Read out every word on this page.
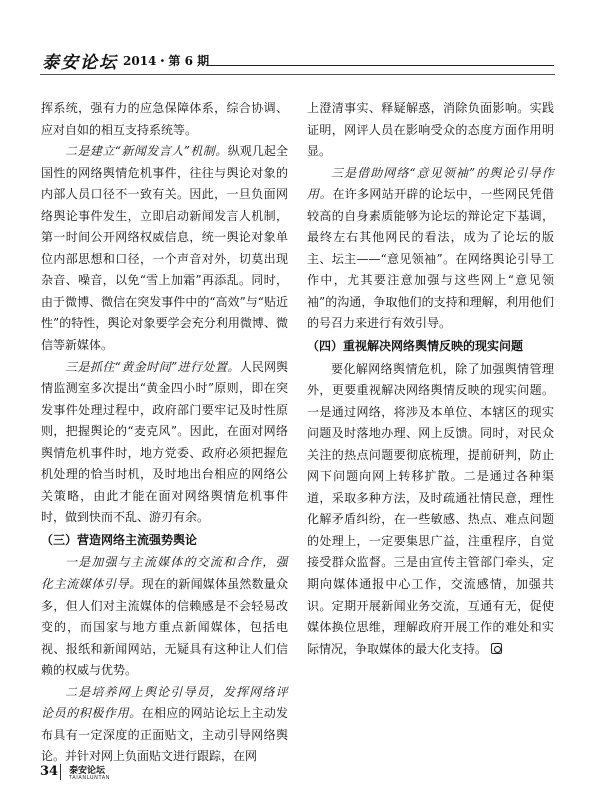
泰安论坛 2014・第 6 期

挥系统，强有力的应急保障体系，综合协调、应对自如的相互支持系统等。

二是建立“新闻发言人”机制。纵观几起全国性的网络舆情危机事件，往往与舆论对象的内部人员口径不一致有关。因此，一旦负面网络舆论事件发生，立即启动新闻发言人机制，第一时间公开网络权威信息，统一舆论对象单位内部思想和口径，一个声音对外，切莫出现杂音、噪音，以免“雪上加霜”再添乱。同时，由于微博、微信在突发事件中的“高效”与“贴近性”的特性，舆论对象要学会充分利用微博、微信等新媒体。

三是抓住“黄金时间”进行处置。人民网舆情监测室多次提出“黄金四小时”原则，即在突发事件处理过程中，政府部门要牢记及时性原则，把握舆论的“麦克风”。因此，在面对网络舆情危机事件时，地方党委、政府必须把握危机处理的恰当时机，及时地出台相应的网络公关策略，由此才能在面对网络舆情危机事件时，做到快而不乱、游刃有余。

（三）营造网络主流强势舆论

一是加强与主流媒体的交流和合作，强化主流媒体引导。现在的新闻媒体虽然数量众多，但人们对主流媒体的信赖感是不会轻易改变的，而国家与地方重点新闻媒体，包括电视、报纸和新闻网站，无疑具有这种让人们信赖的权威与优势。

二是培养网上舆论引导员，发挥网络评论员的积极作用。在相应的网站论坛上主动发布具有一定深度的正面贴文，主动引导网络舆论。并针对网上负面贴文进行跟踪，在网

上澄清事实、释疑解惑，消除负面影响。实践证明，网评人员在影响受众的态度方面作用明显。

三是借助网络“意见领袖”的舆论引导作用。在许多网站开辟的论坛中，一些网民凭借较高的自身素质能够为论坛的辩论定下基调，最终左右其他网民的看法，成为了论坛的版主、坛主——“意见领袖”。在网络舆论引导工作中，尤其要注意加强与这些网上“意见领袖”的沟通，争取他们的支持和理解，利用他们的号召力来进行有效引导。

（四）重视解决网络舆情反映的现实问题

要化解网络舆情危机，除了加强舆情管理外，更要重视解决网络舆情反映的现实问题。一是通过网络，将涉及本单位、本辖区的现实问题及时落地办理、网上反馈。同时，对民众关注的热点问题要彻底梳理，提前研判，防止网下问题向网上转移扩散。二是通过各种渠道，采取多种方法，及时疏通社情民意，理性化解矛盾纠纷，在一些敏感、热点、难点问题的处理上，一定要集思广益，注重程序，自觉接受群众监督。三是由宣传主管部门牵头，定期向媒体通报中心工作，交流感情，加强共识。定期开展新闻业务交流，互通有无，促使媒体换位思维，理解政府开展工作的难处和实际情况，争取媒体的最大化支持。

34 泰安论坛
TAIANLUNTAN
